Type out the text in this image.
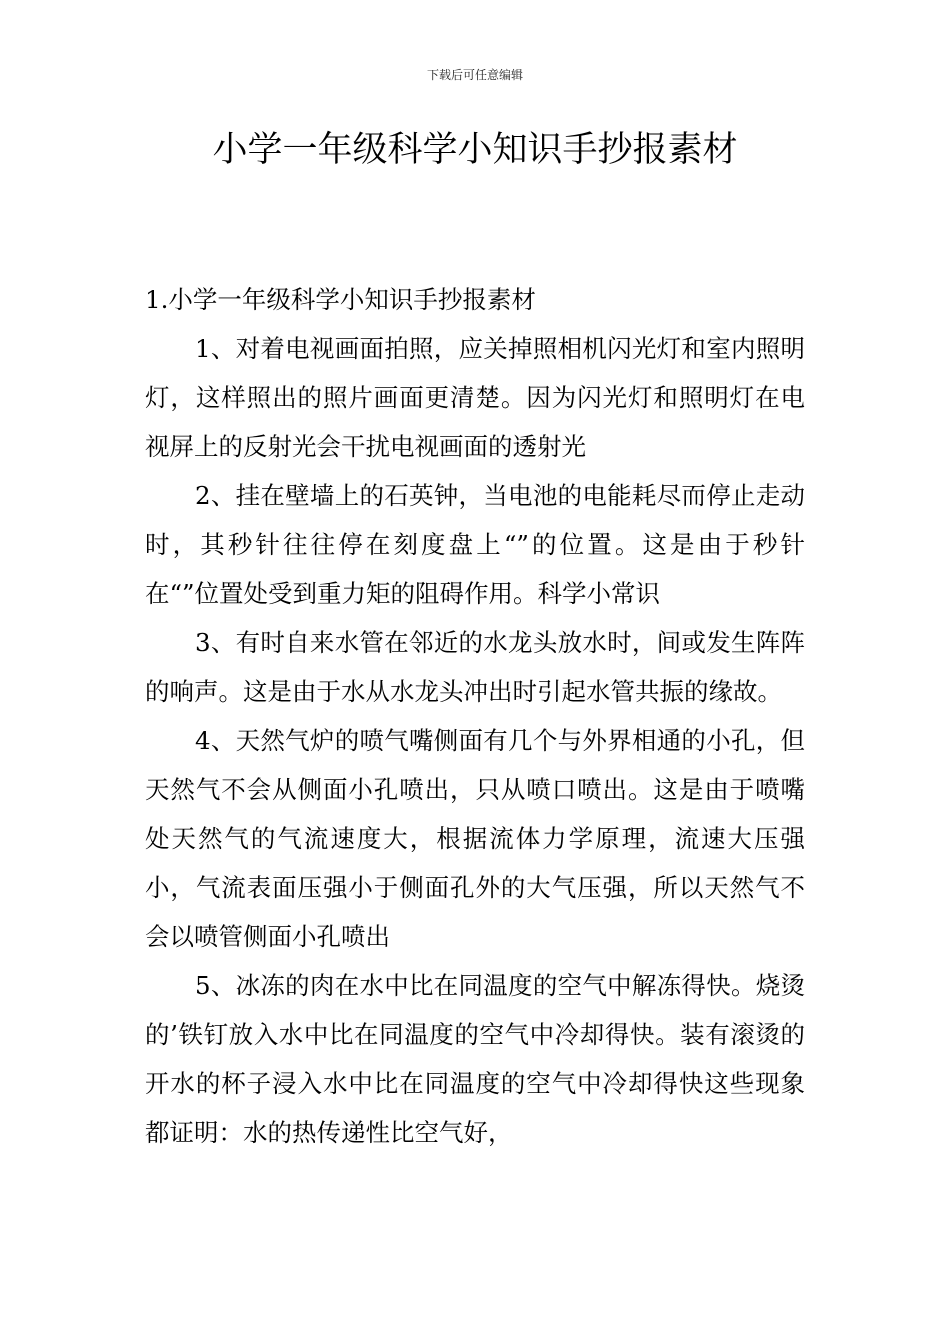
下载后可任意编辑
小学一年级科学小知识手抄报素材

1.小学一年级科学小知识手抄报素材

1、对着电视画面拍照，应关掉照相机闪光灯和室内照明灯，这样照出的照片画面更清楚。因为闪光灯和照明灯在电视屏上的反射光会干扰电视画面的透射光

2、挂在壁墙上的石英钟，当电池的电能耗尽而停止走动时，其秒针往往停在刻度盘上“”的位置。这是由于秒针在“”位置处受到重力矩的阻碍作用。科学小常识

3、有时自来水管在邻近的水龙头放水时，间或发生阵阵的响声。这是由于水从水龙头冲出时引起水管共振的缘故。

4、天然气炉的喷气嘴侧面有几个与外界相通的小孔，但天然气不会从侧面小孔喷出，只从喷口喷出。这是由于喷嘴处天然气的气流速度大，根据流体力学原理，流速大压强小，气流表面压强小于侧面孔外的大气压强，所以天然气不会以喷管侧面小孔喷出

5、冰冻的肉在水中比在同温度的空气中解冻得快。烧烫的’铁钉放入水中比在同温度的空气中冷却得快。装有滚烫的开水的杯子浸入水中比在同温度的空气中冷却得快这些现象都证明：水的热传递性比空气好，
